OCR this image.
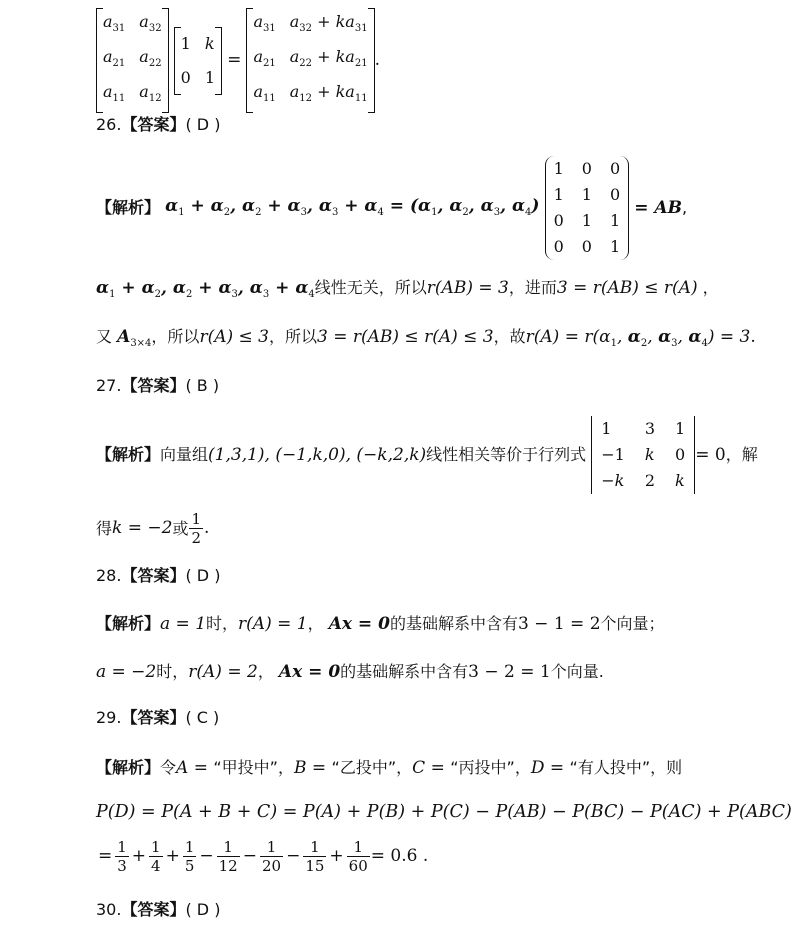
$a_{31}$	$a_{32}$
$a_{21}$	$a_{22}$
$a_{11}$	$a_{12}$

1	k
0	1
=
$a_{31}$	$a_{32} + ka_{31}$
$a_{21}$	$a_{22} + ka_{21}$
$a_{11}$	$a_{12} + ka_{11}$
.
26.【答案】( D )
【解析】 $\alpha_1 + \alpha_2$, $\alpha_2 + \alpha_3$, $\alpha_3 + \alpha_4 = (\alpha_1$, $\alpha_2$, $\alpha_3$, $\alpha_4$)
1	0	0
1	1	0
0	1	1
0	0	1
= AB,
$\alpha_1 + \alpha_2$, $\alpha_2 + \alpha_3$, $\alpha_3 + \alpha_4$线性无关，所以r(AB) = 3，进而3 = r(AB) ≤ r(A) ，
又 $A_{3\times 4}$，所以r(A) ≤ 3，所以3 = r(AB) ≤ r(A) ≤ 3，故$r(A) = r(\alpha_1$, $\alpha_2$, $\alpha_3$, $\alpha_4) = 3$.
27.【答案】( B )
【解析】向量组(1,3,1), (−1,k,0), (−k,2,k)线性相关等价于行列式
1	3	1
−1	k	0
−k	2	k
= 0，解
得k = −2或 $\frac{1}{2}$ .
28.【答案】( D )
【解析】a = 1时，r(A) = 1， Ax = 0的基础解系中含有3 − 1 = 2个向量；
a = −2时，r(A) = 2， Ax = 0的基础解系中含有3 − 2 = 1个向量.
29.【答案】( C )
【解析】令A = “甲投中”，B = “乙投中”，C = “丙投中”，D = “有人投中”，则
P(D) = P(A + B + C) = P(A) + P(B) + P(C) − P(AB) − P(BC) − P(AC) + P(ABC)
= $\frac{1}{3} + \frac{1}{4} + \frac{1}{5} - \frac{1}{12} - \frac{1}{20} - \frac{1}{15} + \frac{1}{60} = 0.6$ .
30.【答案】( D )
